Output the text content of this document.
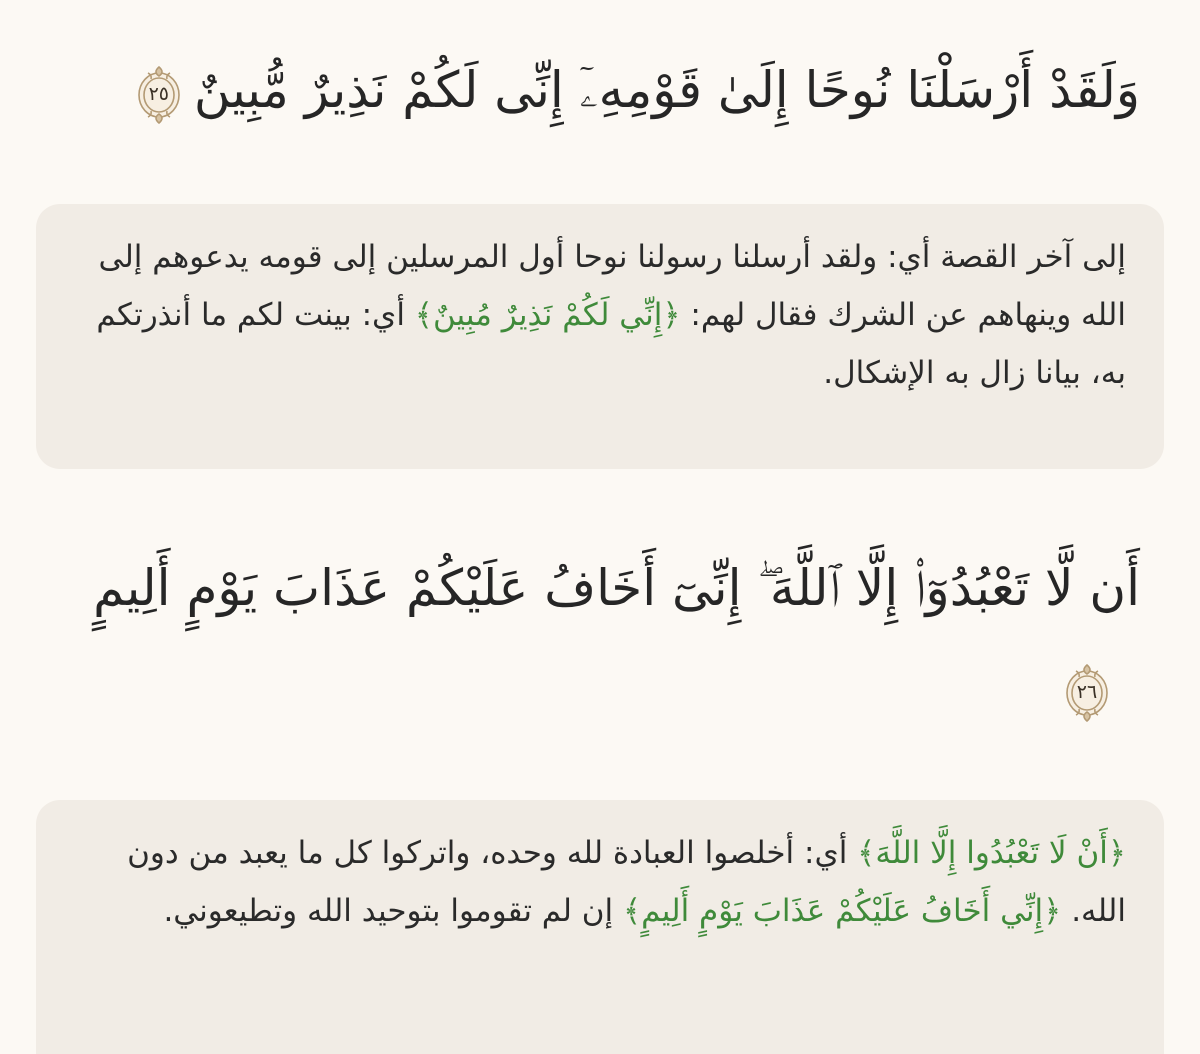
وَلَقَدْ أَرْسَلْنَا نُوحًا إِلَىٰ قَوْمِهِۦٓ إِنِّى لَكُمْ نَذِيرٌ مُّبِينٌ
٢٥
إلى آخر القصة أي: ولقد أرسلنا رسولنا نوحا أول المرسلين إلى قومه يدعوهم إلى الله وينهاهم عن الشرك فقال لهم: ﴿إِنِّي لَكُمْ نَذِيرٌ مُبِينٌ﴾ أي: بينت لكم ما أنذرتكم به، بيانا زال به الإشكال.
أَن لَّا تَعْبُدُوٓا۟ إِلَّا ٱللَّهَ ۖ إِنِّىٓ أَخَافُ عَلَيْكُمْ عَذَابَ يَوْمٍ أَلِيمٍ
٢٦
﴿أَنْ لَا تَعْبُدُوا إِلَّا اللَّهَ﴾ أي: أخلصوا العبادة لله وحده، واتركوا كل ما يعبد من دون الله. ﴿إِنِّي أَخَافُ عَلَيْكُمْ عَذَابَ يَوْمٍ أَلِيمٍ﴾ إن لم تقوموا بتوحيد الله وتطيعوني.
